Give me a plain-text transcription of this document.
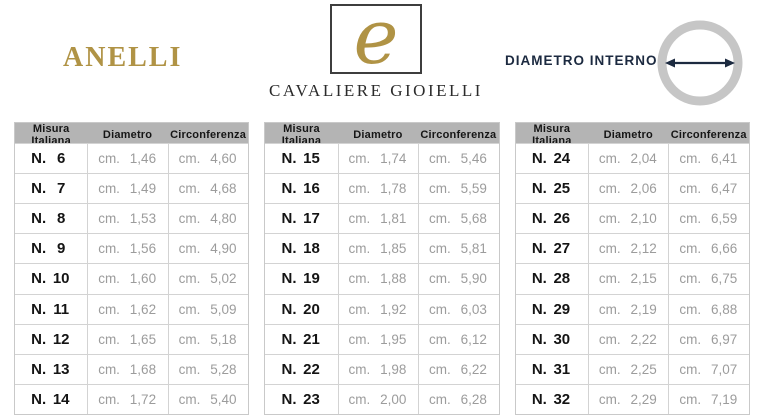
ANELLI e
CAVALIERE GIOIELLI
DIAMETRO INTERNO
Misura Italiana	Diametro	Circonferenza
N. 6	cm. 1,46 cm. 4,60
N. 7	cm. 1,49 cm. 4,68
N. 8	cm. 1,53 cm. 4,80
N. 9	cm. 1,56 cm. 4,90
N. 10 cm. 1,60 cm. 5,02
N. 11 cm. 1,62 cm. 5,09
N. 12 cm. 1,65 cm. 5,18
N. 13 cm. 1,68 cm. 5,28
N. 14 cm. 1,72 cm. 5,40
Misura Italiana	Diametro	Circonferenza
N. 15 cm. 1,74 cm. 5,46
N. 16 cm. 1,78 cm. 5,59
N. 17 cm. 1,81 cm. 5,68
N. 18 cm. 1,85 cm. 5,81
N. 19 cm. 1,88 cm. 5,90
N. 20 cm. 1,92 cm. 6,03
N. 21 cm. 1,95 cm. 6,12
N. 22 cm. 1,98 cm. 6,22
N. 23 cm. 2,00 cm. 6,28
Misura Italiana	Diametro	Circonferenza
N. 24 cm. 2,04 cm. 6,41
N. 25 cm. 2,06 cm. 6,47
N. 26 cm. 2,10 cm. 6,59
N. 27 cm. 2,12 cm. 6,66
N. 28 cm. 2,15 cm. 6,75
N. 29 cm. 2,19 cm. 6,88
N. 30 cm. 2,22 cm. 6,97
N. 31 cm. 2,25 cm. 7,07
N. 32 cm. 2,29 cm. 7,19
